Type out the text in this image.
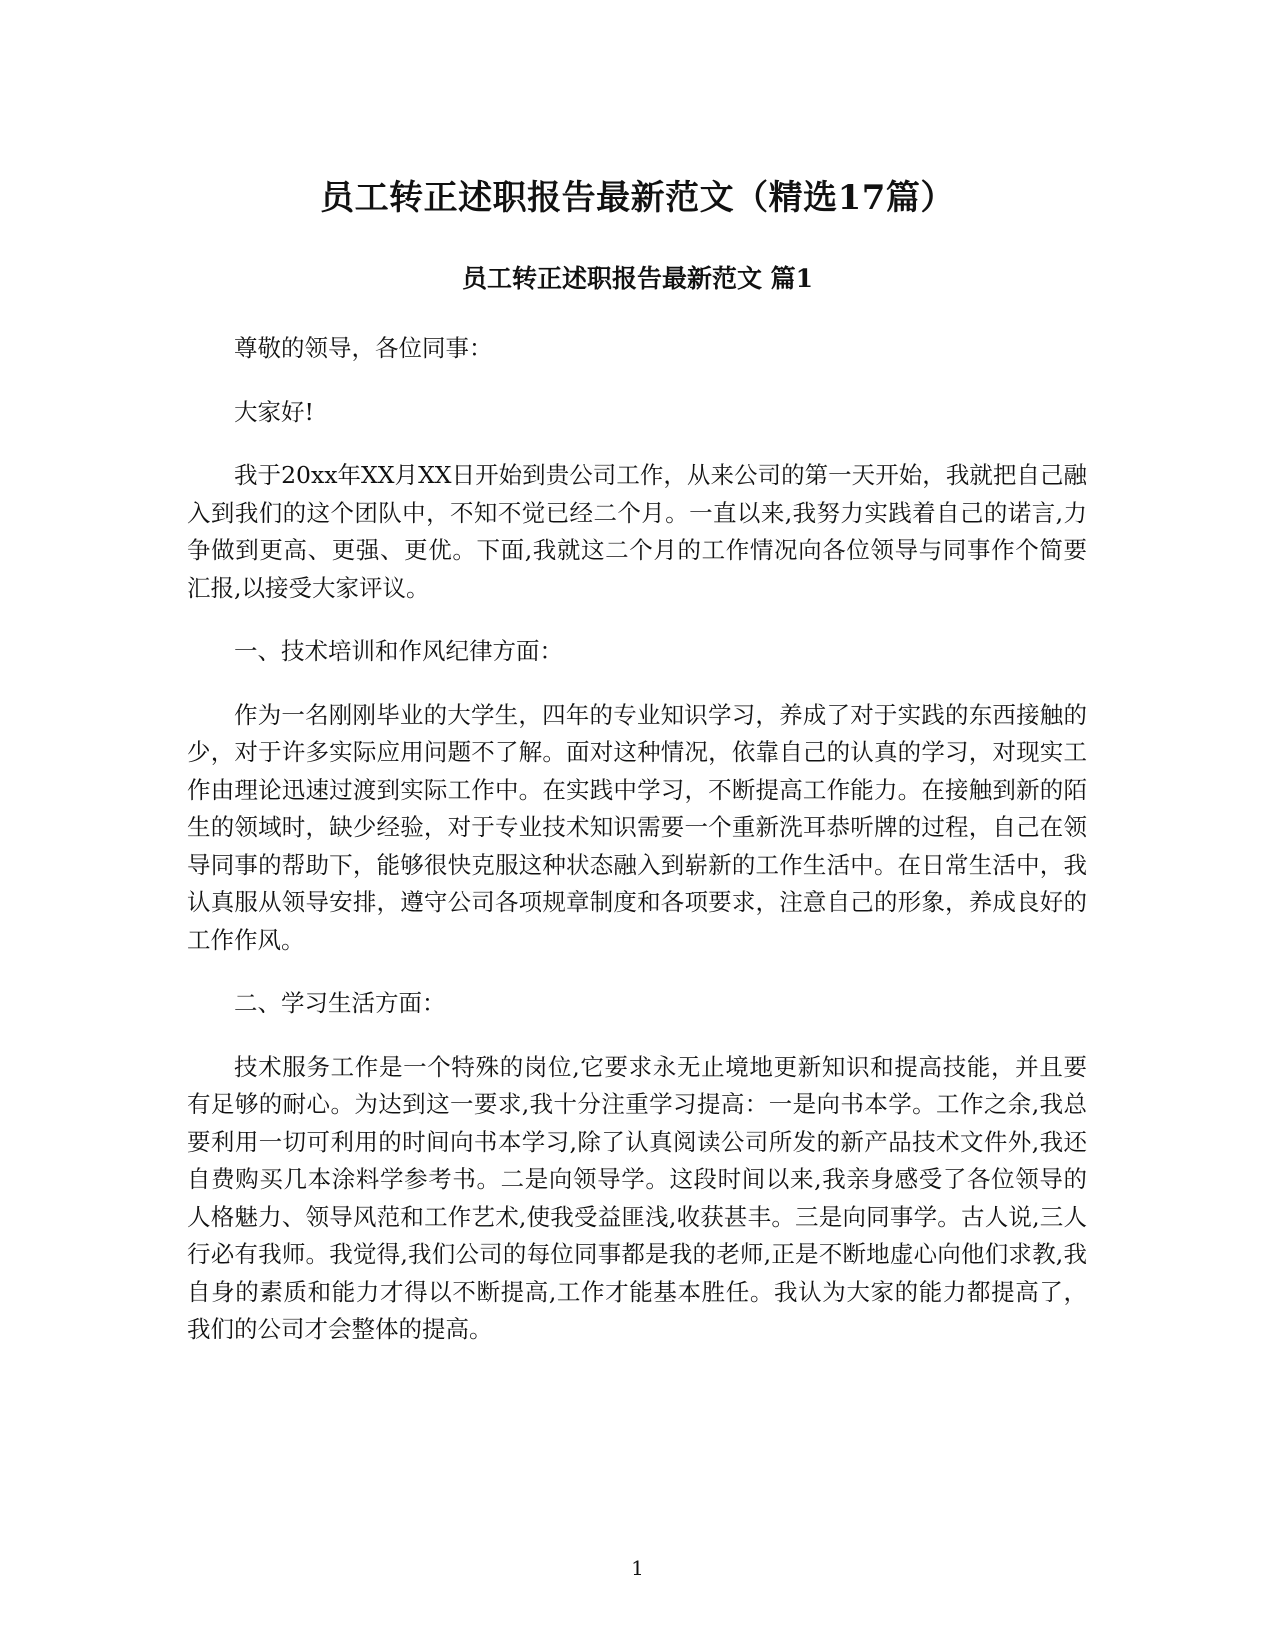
员工转正述职报告最新范文（精选17篇）
员工转正述职报告最新范文 篇1

尊敬的领导，各位同事：

大家好!

我于20xx年XX月XX日开始到贵公司工作，从来公司的第一天开始，我就把自己融入到我们的这个团队中，不知不觉已经二个月。一直以来,我努力实践着自己的诺言,力争做到更高、更强、更优。下面,我就这二个月的工作情况向各位领导与同事作个简要汇报,以接受大家评议。

一、技术培训和作风纪律方面：

作为一名刚刚毕业的大学生，四年的专业知识学习，养成了对于实践的东西接触的少，对于许多实际应用问题不了解。面对这种情况，依靠自己的认真的学习，对现实工作由理论迅速过渡到实际工作中。在实践中学习，不断提高工作能力。在接触到新的陌生的领域时，缺少经验，对于专业技术知识需要一个重新洗耳恭听牌的过程，自己在领导同事的帮助下，能够很快克服这种状态融入到崭新的工作生活中。在日常生活中，我认真服从领导安排，遵守公司各项规章制度和各项要求，注意自己的形象，养成良好的工作作风。

二、学习生活方面：

技术服务工作是一个特殊的岗位,它要求永无止境地更新知识和提高技能，并且要有足够的耐心。为达到这一要求,我十分注重学习提高：一是向书本学。工作之余,我总要利用一切可利用的时间向书本学习,除了认真阅读公司所发的新产品技术文件外,我还自费购买几本涂料学参考书。二是向领导学。这段时间以来,我亲身感受了各位领导的人格魅力、领导风范和工作艺术,使我受益匪浅,收获甚丰。三是向同事学。古人说,三人行必有我师。我觉得,我们公司的每位同事都是我的老师,正是不断地虚心向他们求教,我自身的素质和能力才得以不断提高,工作才能基本胜任。我认为大家的能力都提高了，我们的公司才会整体的提高。

1
